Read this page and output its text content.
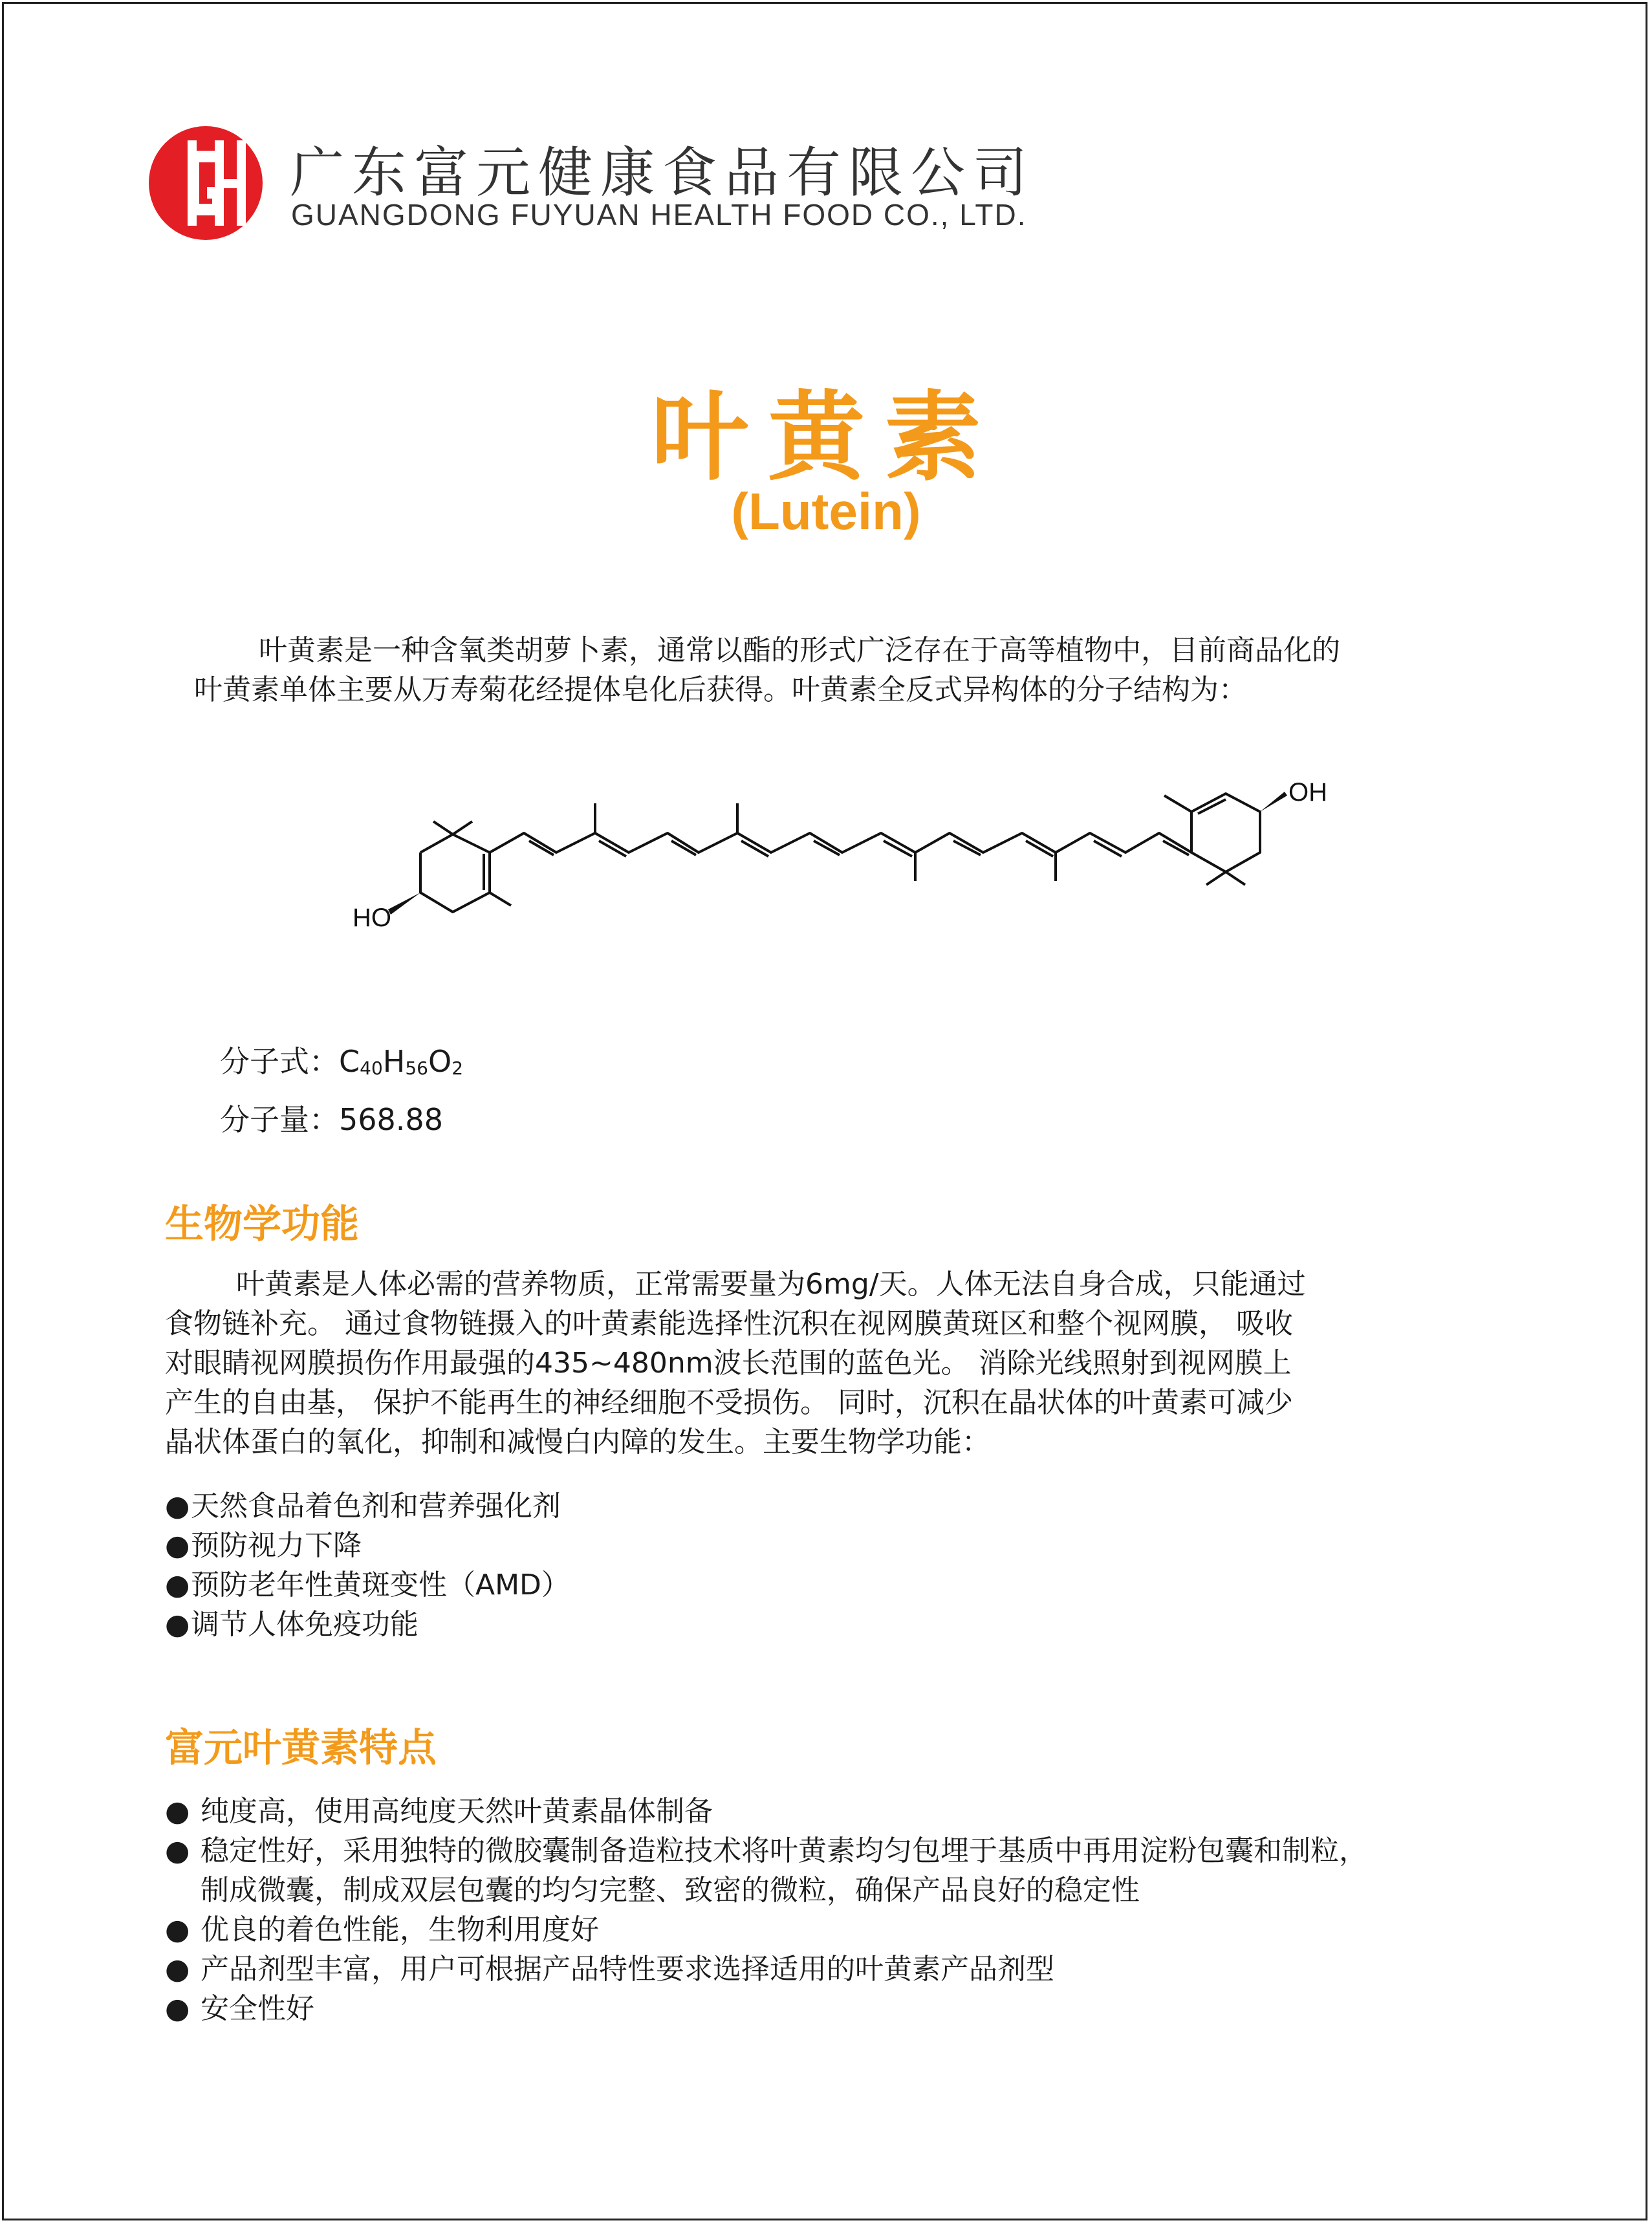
广东富元健康食品有限公司
GUANGDONG FUYUAN HEALTH FOOD CO., LTD.
叶黄素
(Lutein)
叶黄素是一种含氧类胡萝卜素，通常以酯的形式广泛存在于高等植物中，目前商品化的
叶黄素单体主要从万寿菊花经提体皂化后获得。叶黄素全反式异构体的分子结构为：
OH
HO
分子式：$C_{40}H_{56}O_2$
分子量：568.88
生物学功能
叶黄素是人体必需的营养物质，正常需要量为6mg/天。人体无法自身合成，只能通过
食物链补充。 通过食物链摄入的叶黄素能选择性沉积在视网膜黄斑区和整个视网膜， 吸收
对眼睛视网膜损伤作用最强的435~480nm波长范围的蓝色光。 消除光线照射到视网膜上
产生的自由基， 保护不能再生的神经细胞不受损伤。 同时，沉积在晶状体的叶黄素可减少
晶状体蛋白的氧化，抑制和减慢白内障的发生。主要生物学功能：
●天然食品着色剂和营养强化剂
●预防视力下降
●预防老年性黄斑变性（AMD）
●调节人体免疫功能
富元叶黄素特点
● 纯度高，使用高纯度天然叶黄素晶体制备
● 稳定性好，采用独特的微胶囊制备造粒技术将叶黄素均匀包埋于基质中再用淀粉包囊和制粒，
制成微囊，制成双层包囊的均匀完整、致密的微粒，确保产品良好的稳定性
● 优良的着色性能，生物利用度好
● 产品剂型丰富，用户可根据产品特性要求选择适用的叶黄素产品剂型
● 安全性好
